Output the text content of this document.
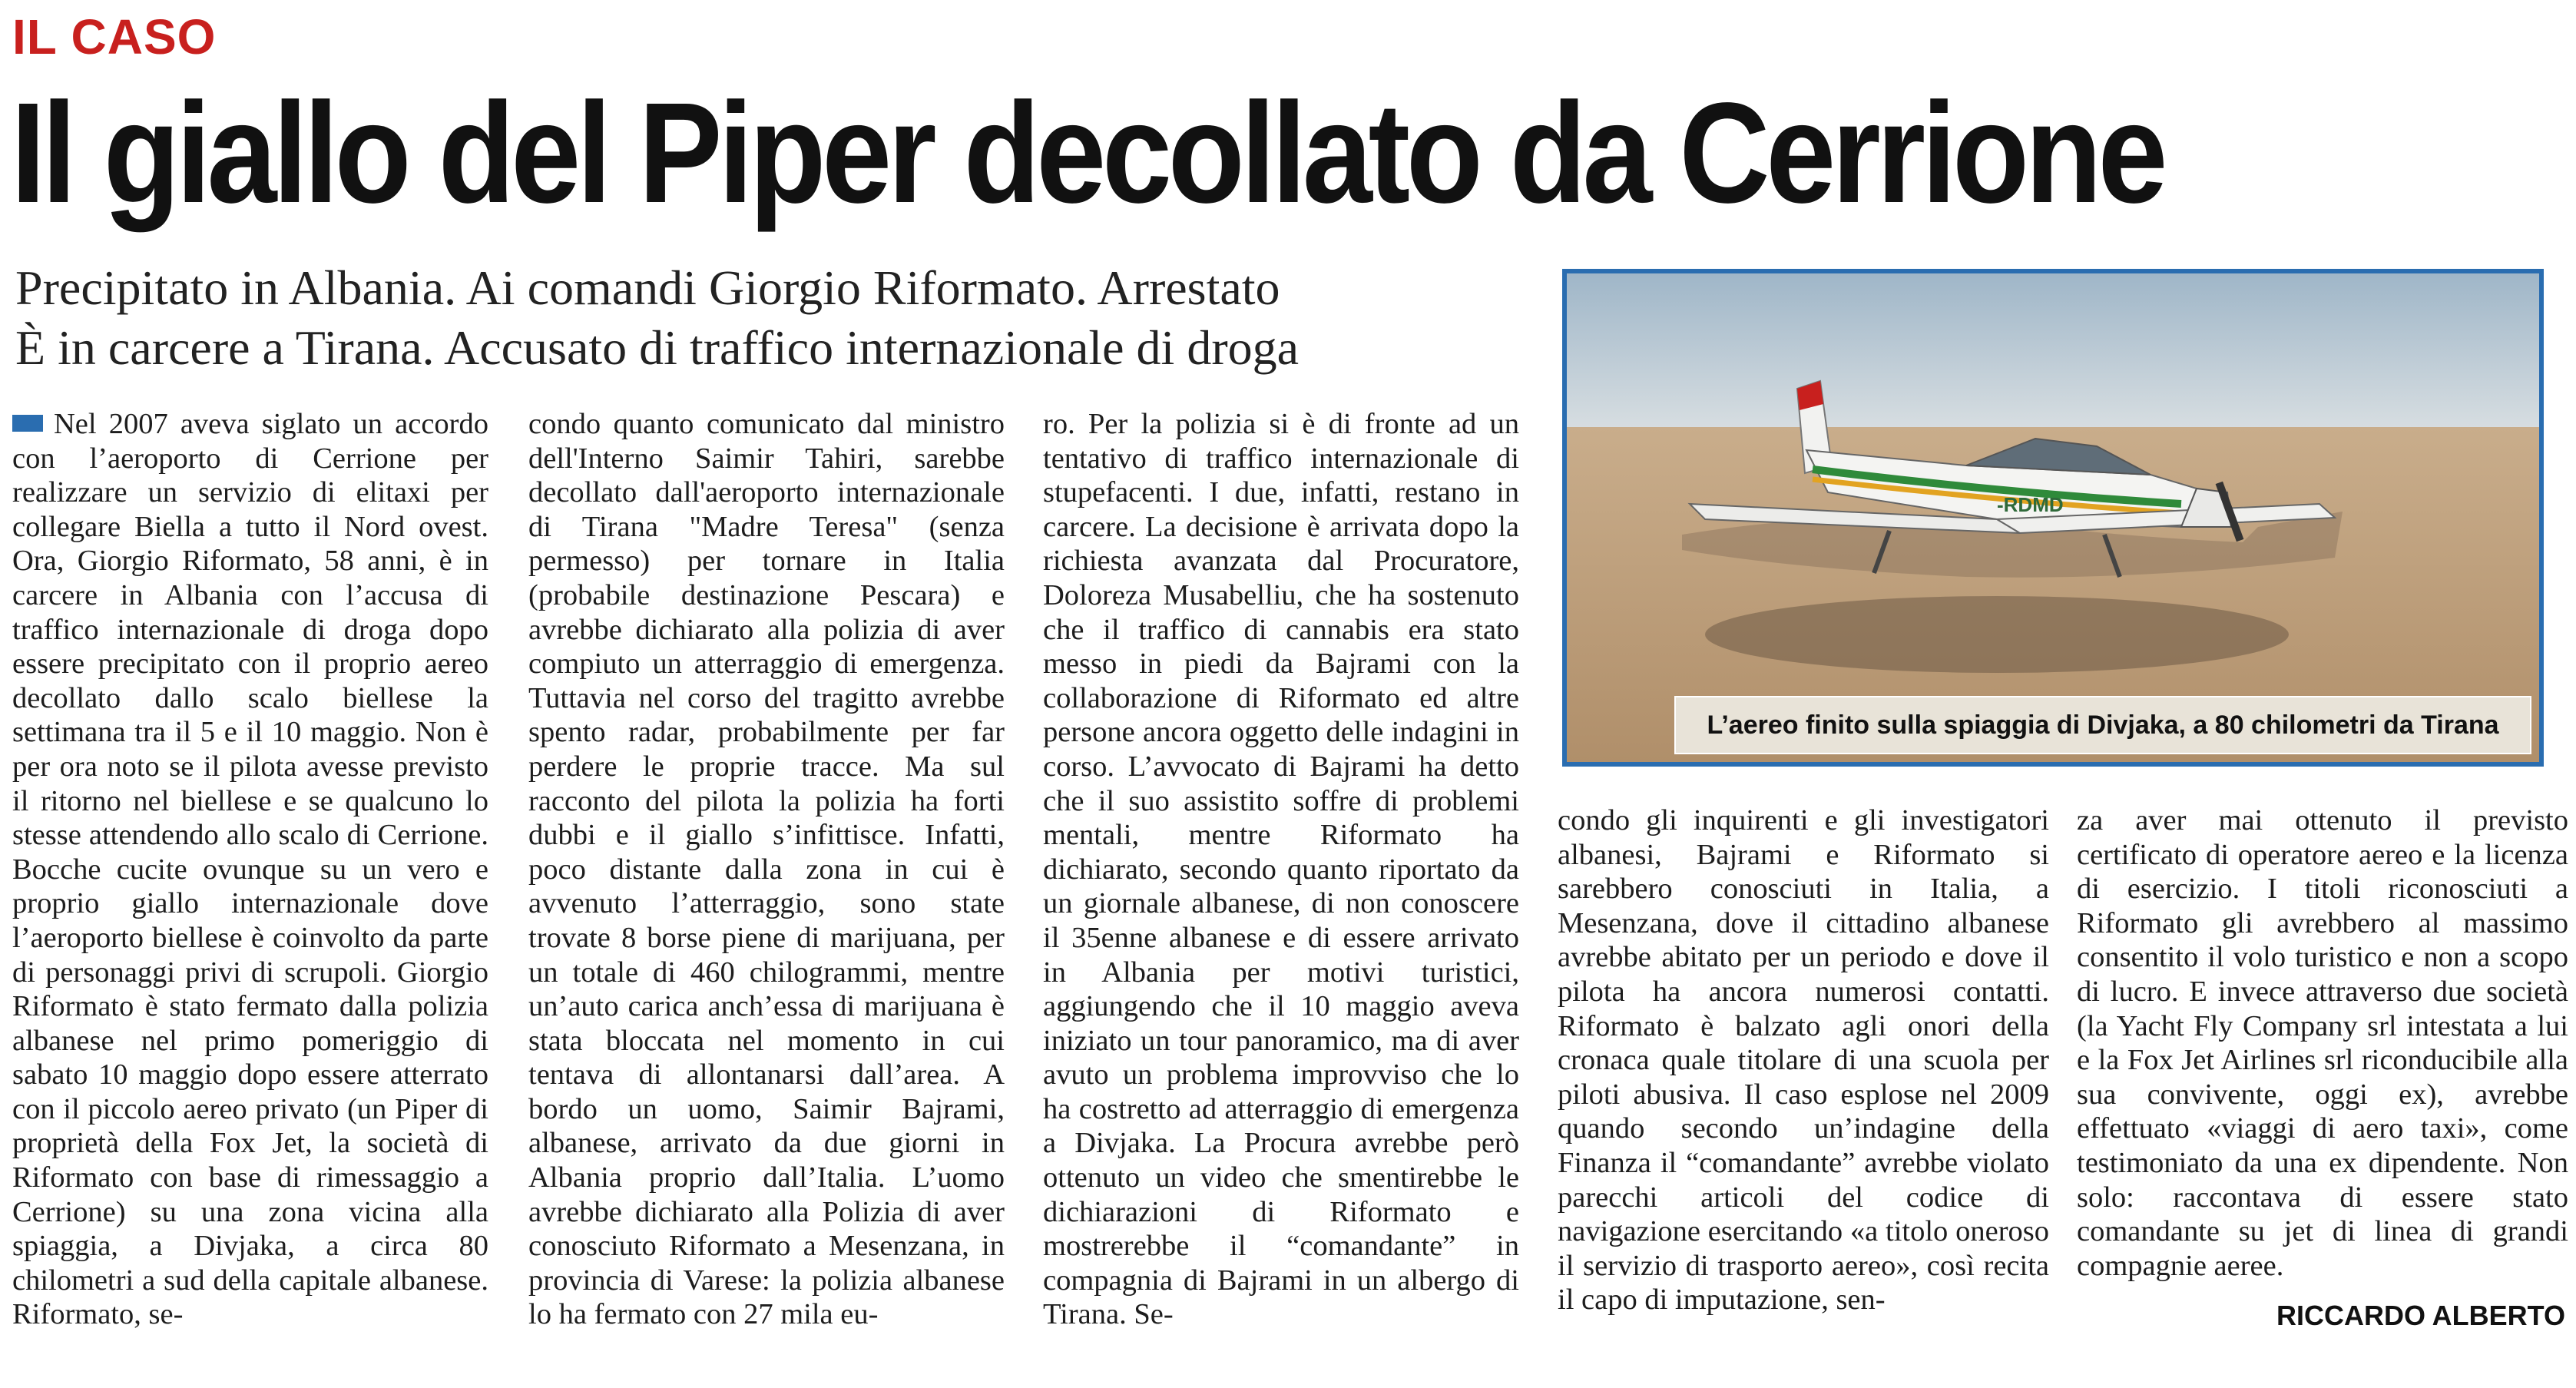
IL CASO
Il giallo del Piper decollato da Cerrione
Precipitato in Albania. Ai comandi Giorgio Riformato. Arrestato
È in carcere a Tirana. Accusato di traffico internazionale di droga
Nel 2007 aveva siglato un accordo con l’aeroporto di Cerrione per realizzare un servizio di elitaxi per collegare Biella a tutto il Nord ovest. Ora, Giorgio Riformato, 58 anni, è in carcere in Albania con l’accusa di traffico internazionale di droga dopo essere precipitato con il proprio aereo decollato dallo scalo biellese la settimana tra il 5 e il 10 maggio. Non è per ora noto se il pilota avesse previsto il ritorno nel biellese e se qualcuno lo stesse attendendo allo scalo di Cerrione. Bocche cucite ovunque su un vero e proprio giallo internazionale dove l’aeroporto biellese è coinvolto da parte di personaggi privi di scrupoli. Giorgio Riformato è stato fermato dalla polizia albanese nel primo pomeriggio di sabato 10 maggio dopo essere atterrato con il piccolo aereo privato (un Piper di proprietà della Fox Jet, la società di Riformato con base di rimessaggio a Cerrione) su una zona vicina alla spiaggia, a Divjaka, a circa 80 chilometri a sud della capitale albanese. Riformato, se-
condo quanto comunicato dal ministro dell'Interno Saimir Tahiri, sarebbe decollato dall'aeroporto internazionale di Tirana "Madre Teresa" (senza permesso) per tornare in Italia (probabile destinazione Pescara) e avrebbe dichiarato alla polizia di aver compiuto un atterraggio di emergenza. Tuttavia nel corso del tragitto avrebbe spento radar, probabilmente per far perdere le proprie tracce. Ma sul racconto del pilota la polizia ha forti dubbi e il giallo s’infittisce. Infatti, poco distante dalla zona in cui è avvenuto l’atterraggio, sono state trovate 8 borse piene di marijuana, per un totale di 460 chilogrammi, mentre un’auto carica anch’essa di marijuana è stata bloccata nel momento in cui tentava di allontanarsi dall’area. A bordo un uomo, Saimir Bajrami, albanese, arrivato da due giorni in Albania proprio dall’Italia. L’uomo avrebbe dichiarato alla Polizia di aver conosciuto Riformato a Mesenzana, in provincia di Varese: la polizia albanese lo ha fermato con 27 mila eu-
ro. Per la polizia si è di fronte ad un tentativo di traffico internazionale di stupefacenti. I due, infatti, restano in carcere. La decisione è arrivata dopo la richiesta avanzata dal Procuratore, Doloreza Musabelliu, che ha sostenuto che il traffico di cannabis era stato messo in piedi da Bajrami con la collaborazione di Riformato ed altre persone ancora oggetto delle indagini in corso. L’avvocato di Bajrami ha detto che il suo assistito soffre di problemi mentali, mentre Riformato ha dichiarato, secondo quanto riportato da un giornale albanese, di non conoscere il 35enne albanese e di essere arrivato in Albania per motivi turistici, aggiungendo che il 10 maggio aveva iniziato un tour panoramico, ma di aver avuto un problema improvviso che lo ha costretto ad atterraggio di emergenza a Divjaka. La Procura avrebbe però ottenuto un video che smentirebbe le dichiarazioni di Riformato e mostrerebbe il “comandante” in compagnia di Bajrami in un albergo di Tirana. Se-
-RDMD
L’aereo finito sulla spiaggia di Divjaka, a 80 chilometri da Tirana
condo gli inquirenti e gli investigatori albanesi, Bajrami e Riformato si sarebbero conosciuti in Italia, a Mesenzana, dove il cittadino albanese avrebbe abitato per un periodo e dove il pilota ha ancora numerosi contatti. Riformato è balzato agli onori della cronaca quale titolare di una scuola per piloti abusiva. Il caso esplose nel 2009 quando secondo un’indagine della Finanza il “comandante” avrebbe violato parecchi articoli del codice di navigazione esercitando «a titolo oneroso il servizio di trasporto aereo», così recita il capo di imputazione, sen-
za aver mai ottenuto il previsto certificato di operatore aereo e la licenza di esercizio. I titoli riconosciuti a Riformato gli avrebbero al massimo consentito il volo turistico e non a scopo di lucro. E invece attraverso due società (la Yacht Fly Company srl intestata a lui e la Fox Jet Airlines srl riconducibile alla sua convivente, oggi ex), avrebbe effettuato «viaggi di aero taxi», come testimoniato da una ex dipendente. Non solo: raccontava di essere stato comandante su jet di linea di grandi compagnie aeree.
RICCARDO ALBERTO
